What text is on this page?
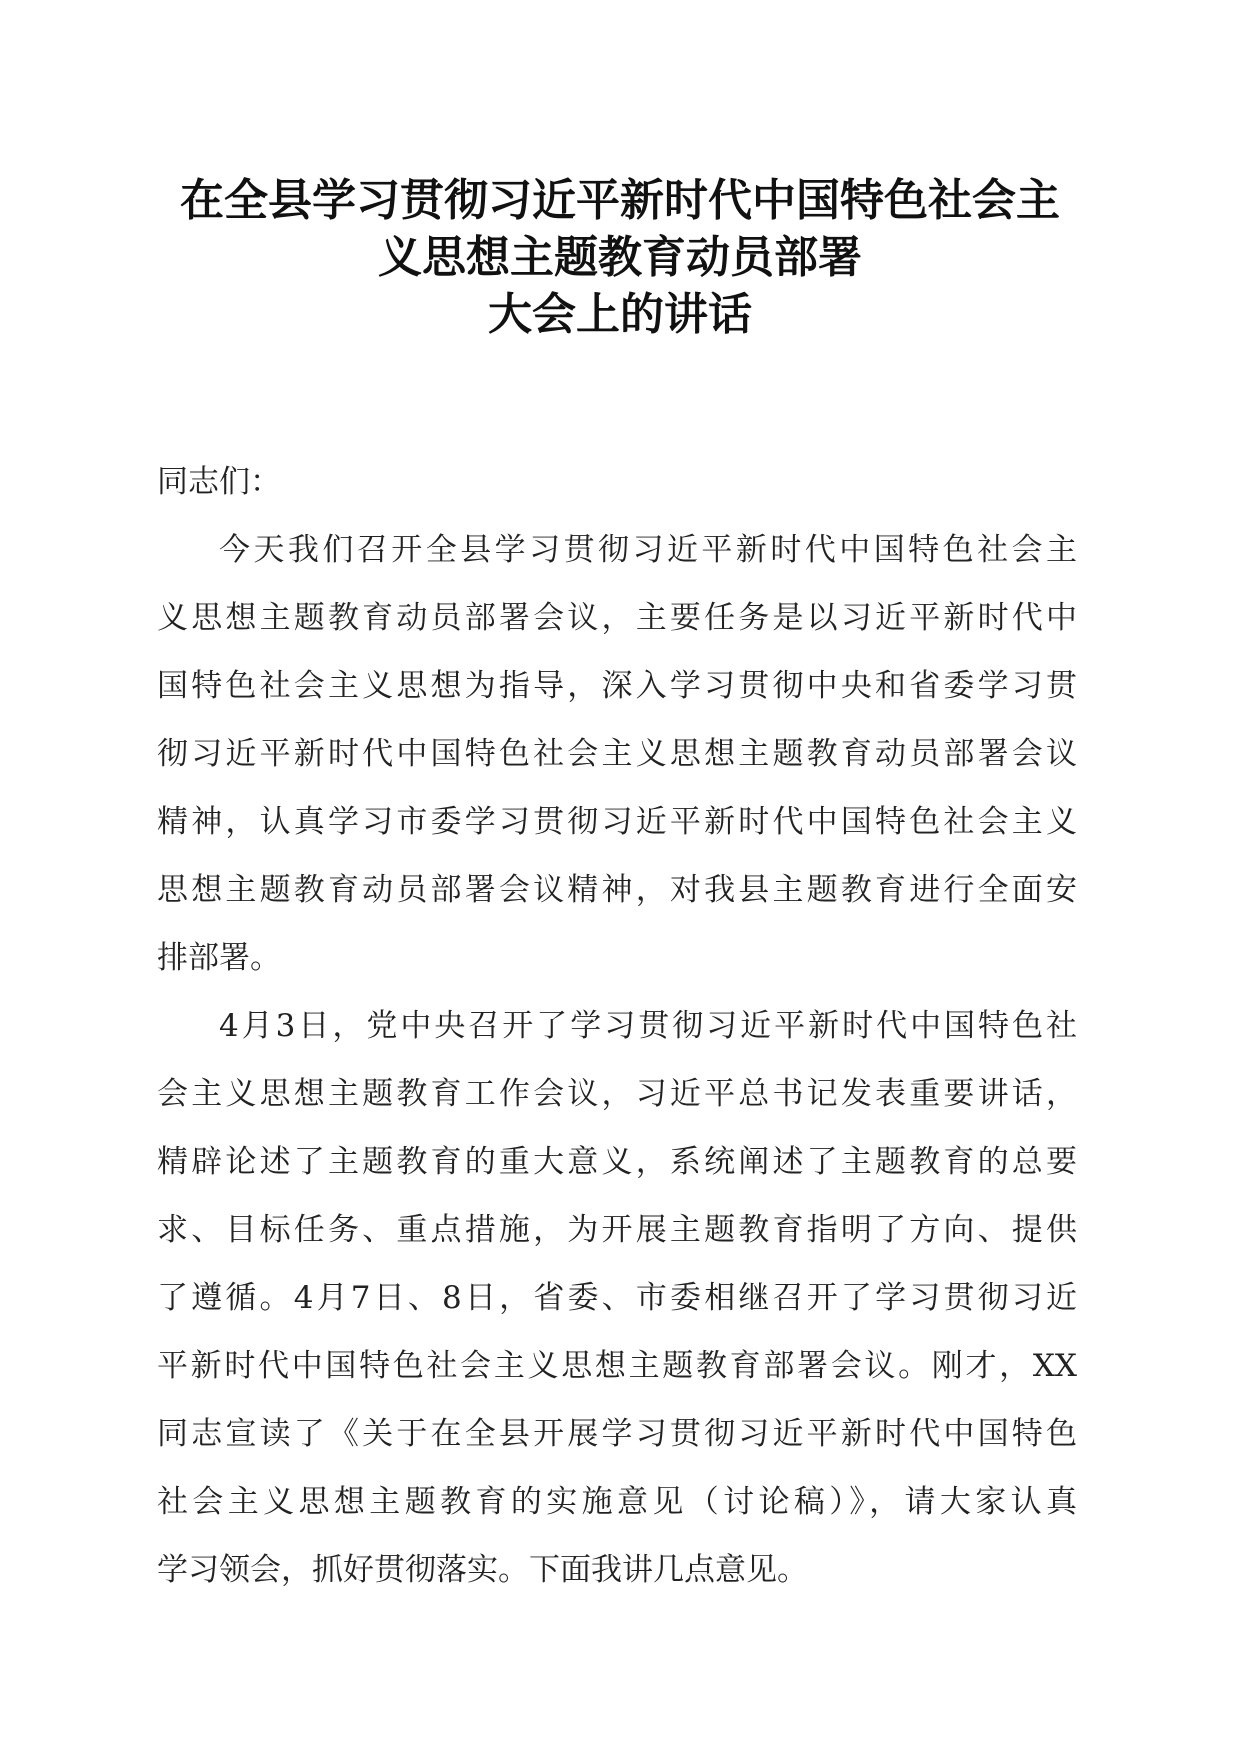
在全县学习贯彻习近平新时代中国特色社会主
义思想主题教育动员部署
大会上的讲话

同志们：

今天我们召开全县学习贯彻习近平新时代中国特色社会主
义思想主题教育动员部署会议，主要任务是以习近平新时代中
国特色社会主义思想为指导，深入学习贯彻中央和省委学习贯
彻习近平新时代中国特色社会主义思想主题教育动员部署会议
精神，认真学习市委学习贯彻习近平新时代中国特色社会主义
思想主题教育动员部署会议精神，对我县主题教育进行全面安
排部署。
4月3日，党中央召开了学习贯彻习近平新时代中国特色社
会主义思想主题教育工作会议，习近平总书记发表重要讲话，
精辟论述了主题教育的重大意义，系统阐述了主题教育的总要
求、目标任务、重点措施，为开展主题教育指明了方向、提供
了遵循。4月7日、8日，省委、市委相继召开了学习贯彻习近
平新时代中国特色社会主义思想主题教育部署会议。刚才，XX
同志宣读了《关于在全县开展学习贯彻习近平新时代中国特色
社会主义思想主题教育的实施意见（讨论稿）》，请大家认真
学习领会，抓好贯彻落实。下面我讲几点意见。
